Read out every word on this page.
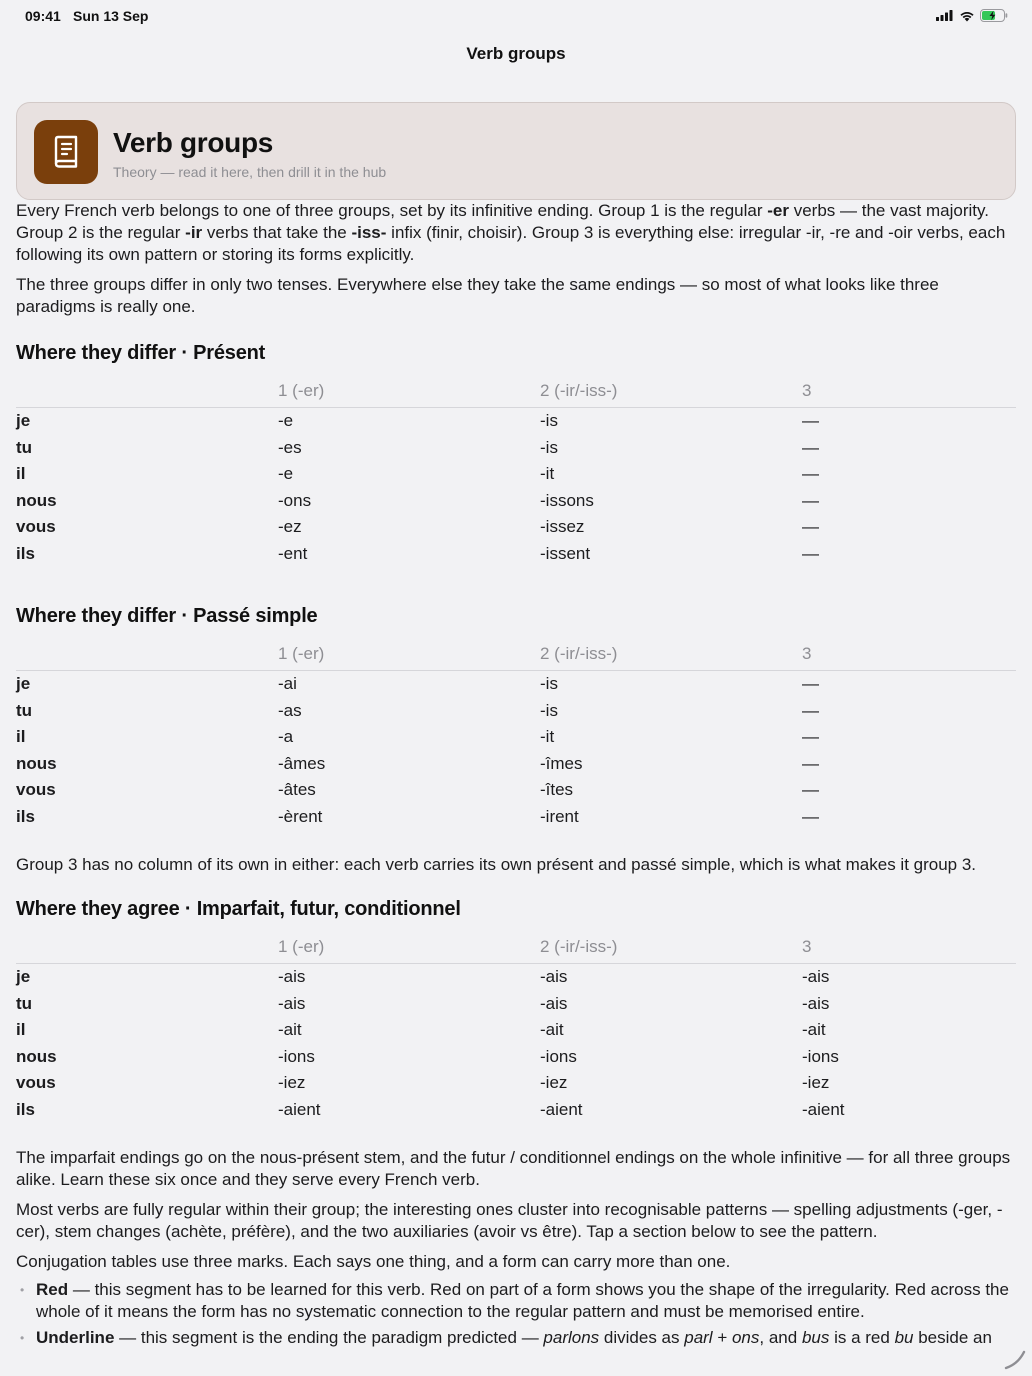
09:41 Sun 13 Sep
Verb groups
Verb groups
Theory — read it here, then drill it in the hub

Every French verb belongs to one of three groups, set by its infinitive ending. Group 1 is the regular -er verbs — the vast majority. Group 2 is the regular -ir verbs that take the -iss- infix (finir, choisir). Group 3 is everything else: irregular -ir, -re and -oir verbs, each following its own pattern or storing its forms explicitly.

The three groups differ in only two tenses. Everywhere else they take the same endings — so most of what looks like three paradigms is really one.

Where they differ · Présent
	1 (-er)	2 (-ir/-iss-)	3
je	-e	-is	—
tu	-es	-is	—
il	-e	-it	—
nous	-ons	-issons	—
vous	-ez	-issez	—
ils	-ent	-issent	—
Where they differ · Passé simple
	1 (-er)	2 (-ir/-iss-)	3
je	-ai	-is	—
tu	-as	-is	—
il	-a	-it	—
nous	-âmes	-îmes	—
vous	-âtes	-îtes	—
ils	-èrent	-irent	—

Group 3 has no column of its own in either: each verb carries its own présent and passé simple, which is what makes it group 3.

Where they agree · Imparfait, futur, conditionnel
	1 (-er)	2 (-ir/-iss-)	3
je	-ais	-ais	-ais
tu	-ais	-ais	-ais
il	-ait	-ait	-ait
nous	-ions	-ions	-ions
vous	-iez	-iez	-iez
ils	-aient	-aient	-aient

The imparfait endings go on the nous-présent stem, and the futur / conditionnel endings on the whole infinitive — for all three groups alike. Learn these six once and they serve every French verb.

Most verbs are fully regular within their group; the interesting ones cluster into recognisable patterns — spelling adjustments (-ger, -cer), stem changes (achète, préfère), and the two auxiliaries (avoir vs être). Tap a section below to see the pattern.

Conjugation tables use three marks. Each says one thing, and a form can carry more than one.

• Red — this segment has to be learned for this verb. Red on part of a form shows you the shape of the irregularity. Red across the whole of it means the form has no systematic connection to the regular pattern and must be memorised entire.
• Underline — this segment is the ending the paradigm predicted — parlons divides as parl + ons, and bus is a red bu beside an
